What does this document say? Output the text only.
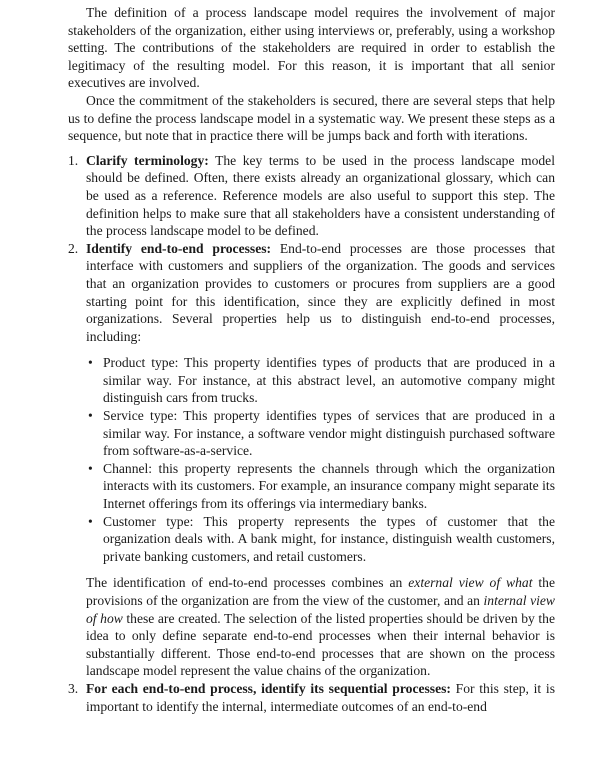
The definition of a process landscape model requires the involvement of major stakeholders of the organization, either using interviews or, preferably, using a workshop setting. The contributions of the stakeholders are required in order to establish the legitimacy of the resulting model. For this reason, it is important that all senior executives are involved.

Once the commitment of the stakeholders is secured, there are several steps that help us to define the process landscape model in a systematic way. We present these steps as a sequence, but note that in practice there will be jumps back and forth with iterations.

1. Clarify terminology: The key terms to be used in the process landscape model should be defined. Often, there exists already an organizational glossary, which can be used as a reference. Reference models are also useful to support this step. The definition helps to make sure that all stakeholders have a consistent understanding of the process landscape model to be defined.
2. Identify end-to-end processes: End-to-end processes are those processes that interface with customers and suppliers of the organization. The goods and services that an organization provides to customers or procures from suppliers are a good starting point for this identification, since they are explicitly defined in most organizations. Several properties help us to distinguish end-to-end processes, including:
• Product type: This property identifies types of products that are produced in a similar way. For instance, at this abstract level, an automotive company might distinguish cars from trucks.
• Service type: This property identifies types of services that are produced in a similar way. For instance, a software vendor might distinguish purchased software from software-as-a-service.
• Channel: this property represents the channels through which the organization interacts with its customers. For example, an insurance company might separate its Internet offerings from its offerings via intermediary banks.
• Customer type: This property represents the types of customer that the organization deals with. A bank might, for instance, distinguish wealth customers, private banking customers, and retail customers.

The identification of end-to-end processes combines an external view of what the provisions of the organization are from the view of the customer, and an internal view of how these are created. The selection of the listed properties should be driven by the idea to only define separate end-to-end processes when their internal behavior is substantially different. Those end-to-end processes that are shown on the process landscape model represent the value chains of the organization.

3. For each end-to-end process, identify its sequential processes: For this step, it is important to identify the internal, intermediate outcomes of an end-to-end
